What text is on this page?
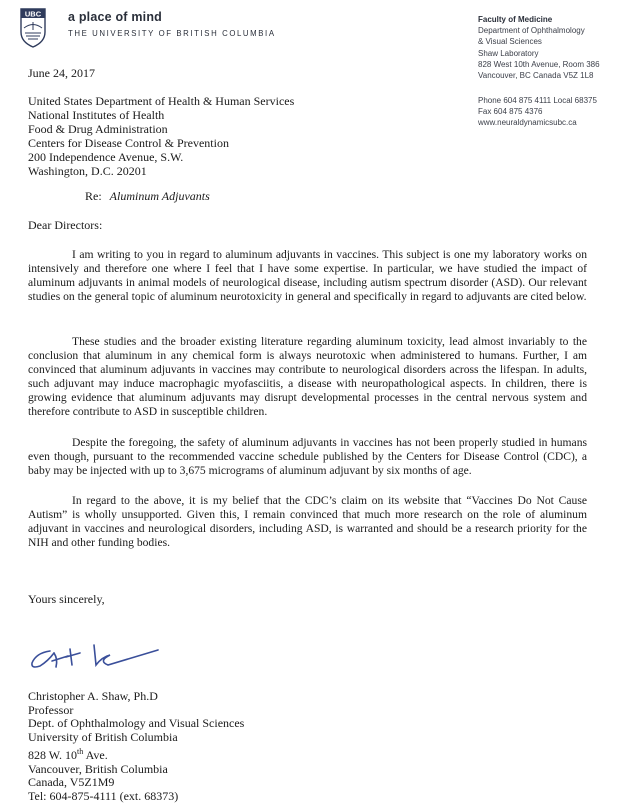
UBC a place of mind
THE UNIVERSITY OF BRITISH COLUMBIA
Faculty of Medicine
Department of Ophthalmology
& Visual Sciences
Shaw Laboratory
828 West 10th Avenue, Room 386
Vancouver, BC Canada V5Z 1L8
Phone 604 875 4111 Local 68375
Fax 604 875 4376
www.neuraldynamicsubc.ca
June 24, 2017
United States Department of Health & Human Services
National Institutes of Health
Food & Drug Administration
Centers for Disease Control & Prevention
200 Independence Avenue, S.W.
Washington, D.C. 20201
Re: Aluminum Adjuvants
Dear Directors:

I am writing to you in regard to aluminum adjuvants in vaccines. This subject is one my laboratory works on intensively and therefore one where I feel that I have some expertise. In particular, we have studied the impact of aluminum adjuvants in animal models of neurological disease, including autism spectrum disorder (ASD). Our relevant studies on the general topic of aluminum neurotoxicity in general and specifically in regard to adjuvants are cited below.

These studies and the broader existing literature regarding aluminum toxicity, lead almost invariably to the conclusion that aluminum in any chemical form is always neurotoxic when administered to humans. Further, I am convinced that aluminum adjuvants in vaccines may contribute to neurological disorders across the lifespan. In adults, such adjuvant may induce macrophagic myofasciitis, a disease with neuropathological aspects. In children, there is growing evidence that aluminum adjuvants may disrupt developmental processes in the central nervous system and therefore contribute to ASD in susceptible children.

Despite the foregoing, the safety of aluminum adjuvants in vaccines has not been properly studied in humans even though, pursuant to the recommended vaccine schedule published by the Centers for Disease Control (CDC), a baby may be injected with up to 3,675 micrograms of aluminum adjuvant by six months of age.

In regard to the above, it is my belief that the CDC’s claim on its website that “Vaccines Do Not Cause Autism” is wholly unsupported. Given this, I remain convinced that much more research on the role of aluminum adjuvant in vaccines and neurological disorders, including ASD, is warranted and should be a research priority for the NIH and other funding bodies.

Yours sincerely,
Christopher A. Shaw, Ph.D
Professor
Dept. of Ophthalmology and Visual Sciences
University of British Columbia
828 W. 10th Ave.
Vancouver, British Columbia
Canada, V5Z1M9
Tel: 604-875-4111 (ext. 68373)
